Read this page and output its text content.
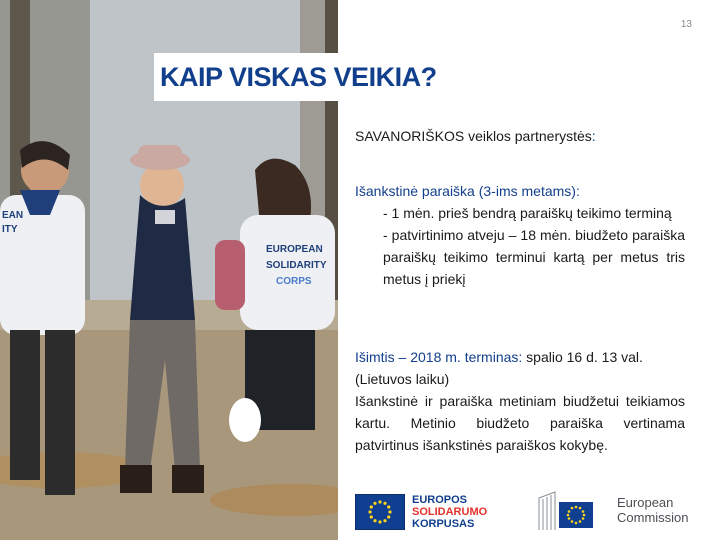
EAN
ITY
EUROPEAN
SOLIDARITY
CORPS
13
KAIP VISKAS VEIKIA?
SAVANORIŠKOS veiklos partnerystės:
Išankstinė paraiška (3-ims metams):
- 1 mėn. prieš bendrą paraiškų teikimo terminą
- patvirtinimo atveju – 18 mėn. biudžeto paraiška paraiškų teikimo terminui kartą per metus tris metus į priekį
Išimtis – 2018 m. terminas: spalio 16 d. 13 val. (Lietuvos laiku)
Išankstinė ir paraiška metiniam biudžetui teikiamos kartu. Metinio biudžeto paraiška vertinama patvirtinus išankstinės paraiškos kokybę.
EUROPOS
SOLIDARUMO
KORPUSAS
European
Commission
